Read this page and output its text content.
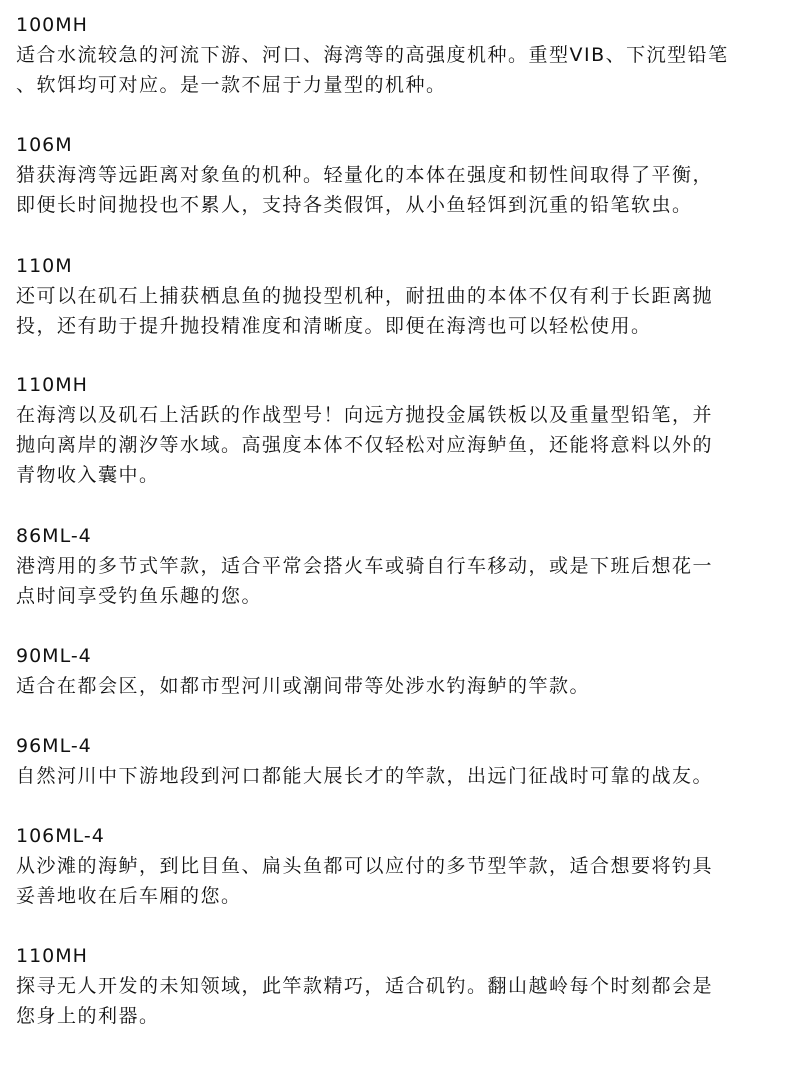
100MH
适合水流较急的河流下游、河口、海湾等的高强度机种。重型VIB、下沉型铅笔
、软饵均可对应。是一款不屈于力量型的机种。
106M
猎获海湾等远距离对象鱼的机种。轻量化的本体在强度和韧性间取得了平衡，
即便长时间抛投也不累人，支持各类假饵，从小鱼轻饵到沉重的铅笔软虫。
110M
还可以在矶石上捕获栖息鱼的抛投型机种，耐扭曲的本体不仅有利于长距离抛
投，还有助于提升抛投精准度和清晰度。即便在海湾也可以轻松使用。
110MH
在海湾以及矶石上活跃的作战型号！向远方抛投金属铁板以及重量型铅笔，并
抛向离岸的潮汐等水域。高强度本体不仅轻松对应海鲈鱼，还能将意料以外的
青物收入囊中。
86ML-4
港湾用的多节式竿款，适合平常会搭火车或骑自行车移动，或是下班后想花一
点时间享受钓鱼乐趣的您。
90ML-4
适合在都会区，如都市型河川或潮间带等处涉水钓海鲈的竿款。
96ML-4
自然河川中下游地段到河口都能大展长才的竿款，出远门征战时可靠的战友。
106ML-4
从沙滩的海鲈，到比目鱼、扁头鱼都可以应付的多节型竿款，适合想要将钓具
妥善地收在后车厢的您。
110MH
探寻无人开发的未知领域，此竿款精巧，适合矶钓。翻山越岭每个时刻都会是
您身上的利器。
